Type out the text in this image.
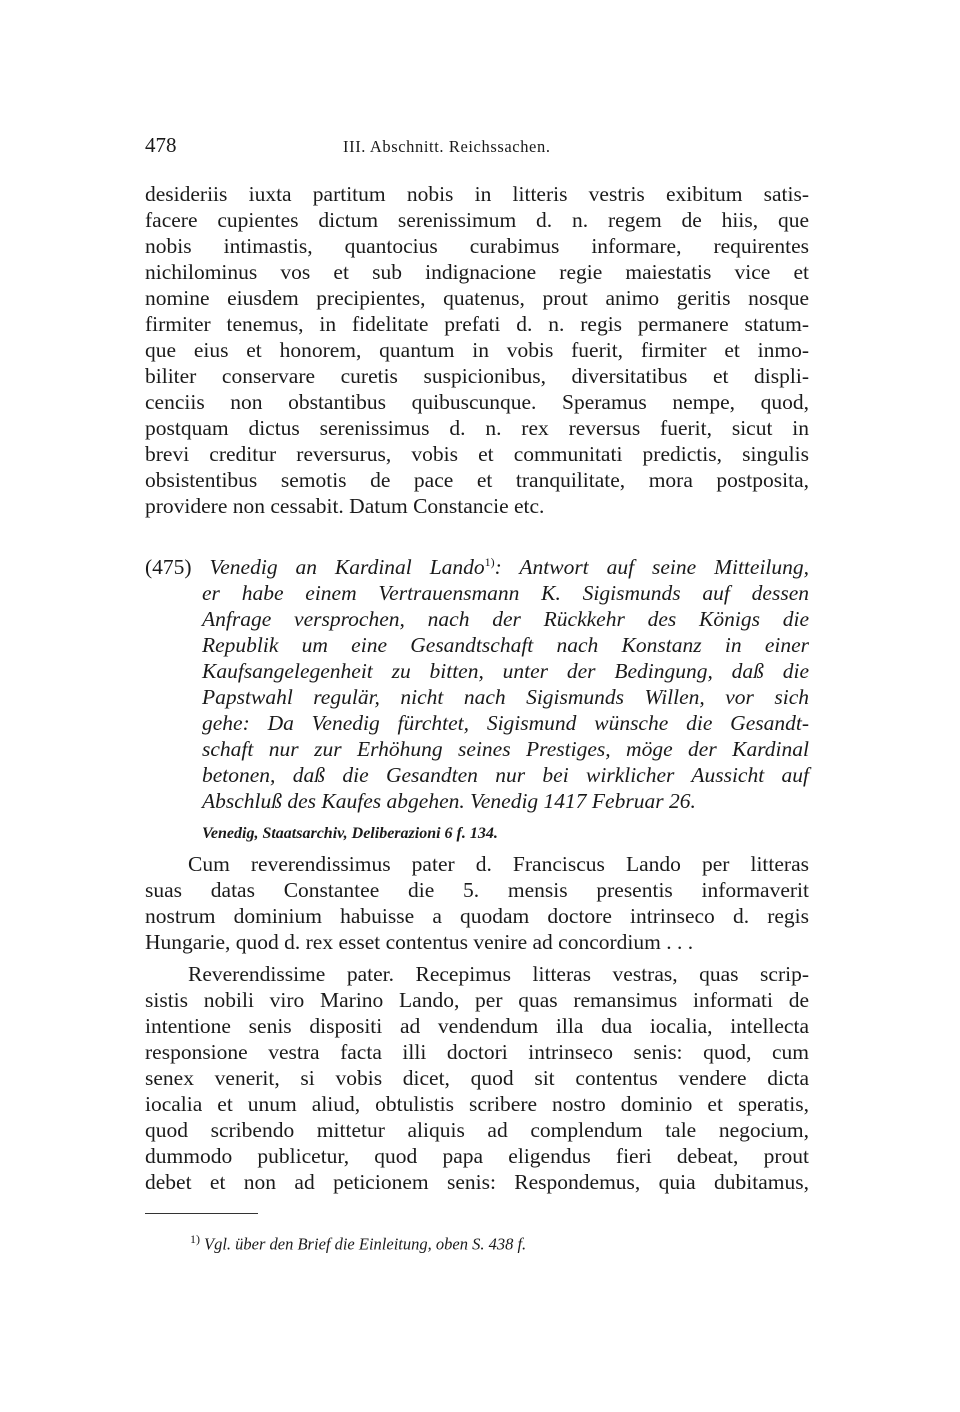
478	III. Abschnitt. Reichssachen.
desideriis iuxta partitum nobis in litteris vestris exibitum satis-
facere cupientes dictum serenissimum d. n. regem de hiis, que
nobis intimastis, quantocius curabimus informare, requirentes
nichilominus vos et sub indignacione regie maiestatis vice et
nomine eiusdem precipientes, quatenus, prout animo geritis nosque
firmiter tenemus, in fidelitate prefati d. n. regis permanere statum-
que eius et honorem, quantum in vobis fuerit, firmiter et inmo-
biliter conservare curetis suspicionibus, diversitatibus et displi-
cenciis non obstantibus quibuscunque. Speramus nempe, quod,
postquam dictus serenissimus d. n. rex reversus fuerit, sicut in
brevi creditur reversurus, vobis et communitati predictis, singulis
obsistentibus semotis de pace et tranquilitate, mora postposita,
providere non cessabit. Datum Constancie etc.
(475) Venedig an Kardinal Lando$^{1)}$: Antwort auf seine Mitteilung,
er habe einem Vertrauensmann K. Sigismunds auf dessen
Anfrage versprochen, nach der Rückkehr des Königs die
Republik um eine Gesandtschaft nach Konstanz in einer
Kaufsangelegenheit zu bitten, unter der Bedingung, daß die
Papstwahl regulär, nicht nach Sigismunds Willen, vor sich
gehe: Da Venedig fürchtet, Sigismund wünsche die Gesandt-
schaft nur zur Erhöhung seines Prestiges, möge der Kardinal
betonen, daß die Gesandten nur bei wirklicher Aussicht auf
Abschluß des Kaufes abgehen. Venedig 1417 Februar 26.
Venedig, Staatsarchiv, Deliberazioni 6 f. 134.
Cum reverendissimus pater d. Franciscus Lando per litteras
suas datas Constantee die 5. mensis presentis informaverit
nostrum dominium habuisse a quodam doctore intrinseco d. regis
Hungarie, quod d. rex esset contentus venire ad concordium . . .
Reverendissime pater. Recepimus litteras vestras, quas scrip-
sistis nobili viro Marino Lando, per quas remansimus informati de
intentione senis dispositi ad vendendum illa dua iocalia, intellecta
responsione vestra facta illi doctori intrinseco senis: quod, cum
senex venerit, si vobis dicet, quod sit contentus vendere dicta
iocalia et unum aliud, obtulistis scribere nostro dominio et speratis,
quod scribendo mittetur aliquis ad complendum tale negocium,
dummodo publicetur, quod papa eligendus fieri debeat, prout
debet et non ad peticionem senis: Respondemus, quia dubitamus,
$^{1)}$ Vgl. über den Brief die Einleitung, oben S. 438 f.
